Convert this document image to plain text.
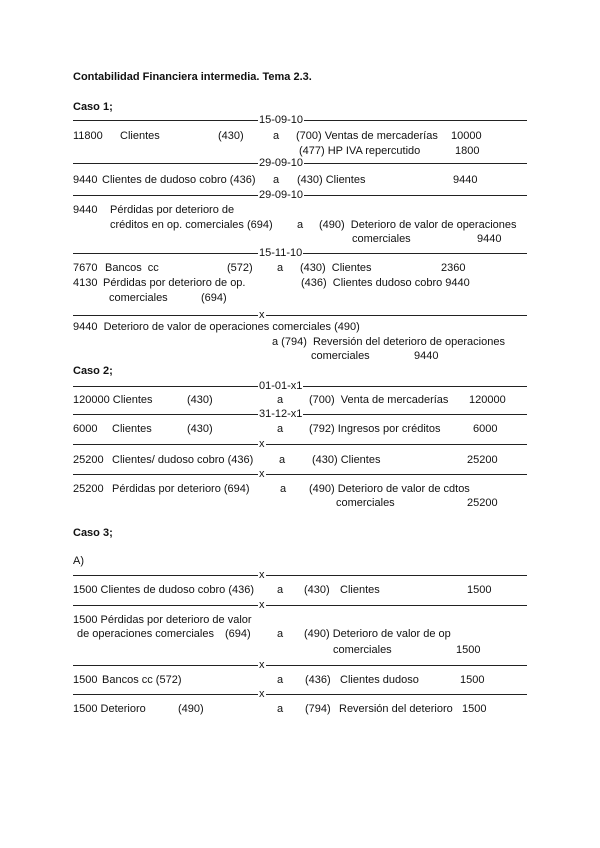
Contabilidad Financiera intermedia. Tema 2.3.
Caso 1;
15-09-10
11800 Clientes	(430)	a (700) Ventas de mercaderías 10000
(477) HP IVA repercutido	1800
29-09-10
9440 Clientes de dudoso cobro (436) a (430) Clientes	9440
29-09-10
9440 Pérdidas por deterioro de
créditos en op. comerciales (694) a (490)  Deterioro de valor de operaciones
comerciales	9440
15-11-10
7670 Bancos  cc	(572) a (430)  Clientes	2360
4130 Pérdidas por deterioro de op.	(436)  Clientes dudoso cobro 9440
comerciales	(694)
x
9440  Deterioro de valor de operaciones comerciales (490)
a (794)  Reversión del deterioro de operaciones
comerciales	9440
Caso 2;
01-01-x1
120000 Clientes	(430)	a (700)  Venta de mercaderías 120000
31-12-x1
6000 Clientes	(430)	a (792) Ingresos por créditos	6000
x
25200 Clientes/ dudoso cobro (436) a (430) Clientes	25200
x
25200 Pérdidas por deterioro (694)	a (490) Deterioro de valor de cdtos
comerciales	25200
Caso 3;
A)
x
1500 Clientes de dudoso cobro (436) a (430) Clientes	1500
x
1500 Pérdidas por deterioro de valor
de operaciones comerciales (694) a (490) Deterioro de valor de op
comerciales	1500
x
1500 Bancos cc (572)	a (436) Clientes dudoso	1500
x
1500 Deterioro	(490)	a (794) Reversión del deterioro 1500
